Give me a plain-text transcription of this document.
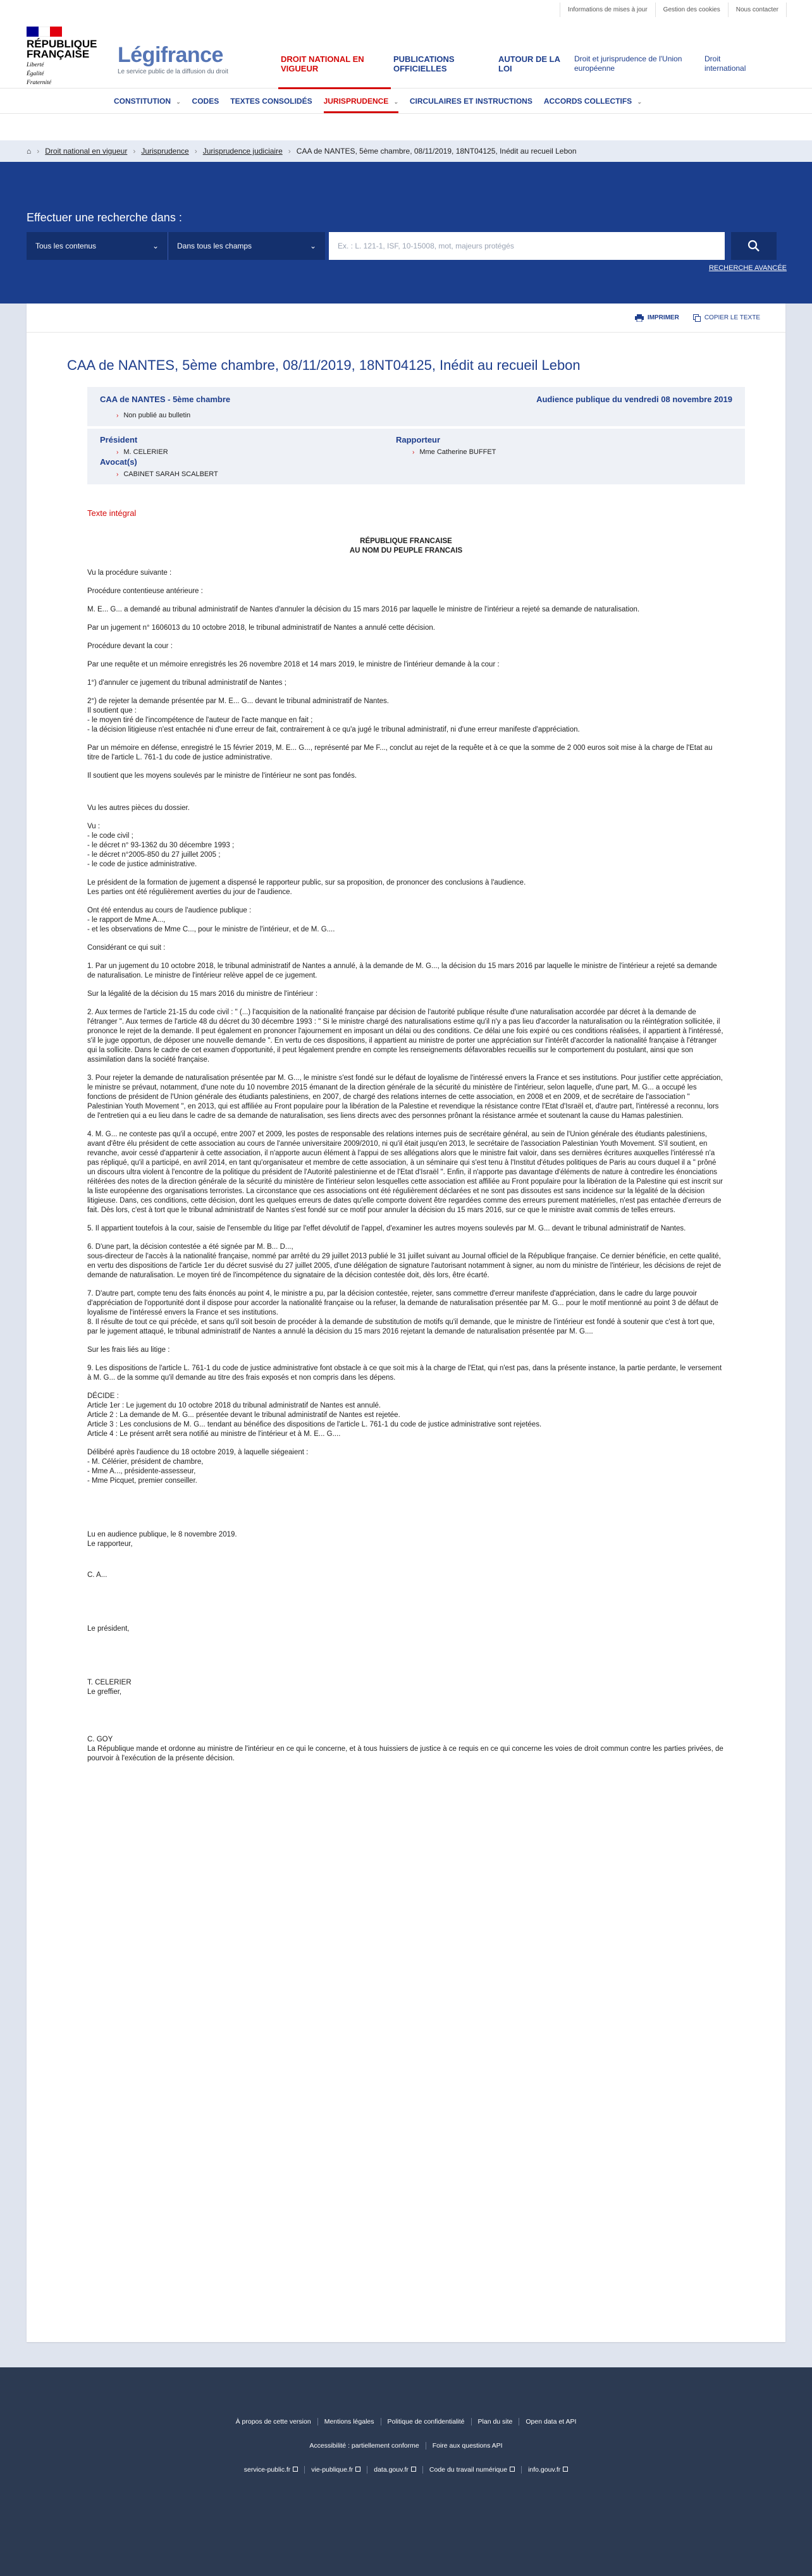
Informations de mises à jour	Gestion des cookies	Nous contacter
RÉPUBLIQUE
FRANÇAISE
Liberté
Égalité
Fraternité
Légifrance
Le service public de la diffusion du droit
DROIT NATIONAL EN VIGUEUR
PUBLICATIONS OFFICIELLES
AUTOUR DE LA LOI
Droit et jurisprudence de l'Union européenne
Droit international
CONSTITUTION ⌄ CODES TEXTES CONSOLIDÉS JURISPRUDENCE ⌄ CIRCULAIRES ET INSTRUCTIONS ACCORDS COLLECTIFS ⌄
⌂ › Droit national en vigueur › Jurisprudence › Jurisprudence judiciaire › CAA de NANTES, 5ème chambre, 08/11/2019, 18NT04125, Inédit au recueil Lebon
Effectuer une recherche dans :
Tous les contenus	⌄ Dans tous les champs	⌄	Ex. : L. 121-1, ISF, 10-15008, mot, majeurs protégés
RECHERCHE AVANCÉE
IMPRIMER	COPIER LE TEXTE
CAA de NANTES, 5ème chambre, 08/11/2019, 18NT04125, Inédit au recueil Lebon
CAA de NANTES - 5ème chambre	Audience publique du vendredi 08 novembre 2019
› Non publié au bulletin
Président
› M. CELERIER
Avocat(s)
› CABINET SARAH SCALBERT
Rapporteur
› Mme Catherine BUFFET
Texte intégral
RÉPUBLIQUE FRANCAISE
AU NOM DU PEUPLE FRANCAIS

Vu la procédure suivante :

Procédure contentieuse antérieure :

M. E... G... a demandé au tribunal administratif de Nantes d'annuler la décision du 15 mars 2016 par laquelle le ministre de l'intérieur a rejeté sa demande de naturalisation.

Par un jugement n° 1606013 du 10 octobre 2018, le tribunal administratif de Nantes a annulé cette décision.

Procédure devant la cour :

Par une requête et un mémoire enregistrés les 26 novembre 2018 et 14 mars 2019, le ministre de l'intérieur demande à la cour :

1°) d'annuler ce jugement du tribunal administratif de Nantes ;

2°) de rejeter la demande présentée par M. E... G... devant le tribunal administratif de Nantes.
Il soutient que :
- le moyen tiré de l'incompétence de l'auteur de l'acte manque en fait ;
- la décision litigieuse n'est entachée ni d'une erreur de fait, contrairement à ce qu'a jugé le tribunal administratif, ni d'une erreur manifeste d'appréciation.

Par un mémoire en défense, enregistré le 15 février 2019, M. E... G..., représenté par Me F..., conclut au rejet de la requête et à ce que la somme de 2 000 euros soit mise à la charge de l'Etat au titre de l'article L. 761-1 du code de justice administrative.

Il soutient que les moyens soulevés par le ministre de l'intérieur ne sont pas fondés.

Vu les autres pièces du dossier.

Vu :
- le code civil ;
- le décret n° 93-1362 du 30 décembre 1993 ;
- le décret n°2005-850 du 27 juillet 2005 ;
- le code de justice administrative.

Le président de la formation de jugement a dispensé le rapporteur public, sur sa proposition, de prononcer des conclusions à l'audience.
Les parties ont été régulièrement averties du jour de l'audience.

Ont été entendus au cours de l'audience publique :
- le rapport de Mme A...,
- et les observations de Mme C..., pour le ministre de l'intérieur, et de M. G....

Considérant ce qui suit :

1. Par un jugement du 10 octobre 2018, le tribunal administratif de Nantes a annulé, à la demande de M. G..., la décision du 15 mars 2016 par laquelle le ministre de l'intérieur a rejeté sa demande de naturalisation. Le ministre de l'intérieur relève appel de ce jugement.

Sur la légalité de la décision du 15 mars 2016 du ministre de l'intérieur :

2. Aux termes de l'article 21-15 du code civil : " (...) l'acquisition de la nationalité française par décision de l'autorité publique résulte d'une naturalisation accordée par décret à la demande de l'étranger ". Aux termes de l'article 48 du décret du 30 décembre 1993 : " Si le ministre chargé des naturalisations estime qu'il n'y a pas lieu d'accorder la naturalisation ou la réintégration sollicitée, il prononce le rejet de la demande. Il peut également en prononcer l'ajournement en imposant un délai ou des conditions. Ce délai une fois expiré ou ces conditions réalisées, il appartient à l'intéressé, s'il le juge opportun, de déposer une nouvelle demande ". En vertu de ces dispositions, il appartient au ministre de porter une appréciation sur l'intérêt d'accorder la nationalité française à l'étranger qui la sollicite. Dans le cadre de cet examen d'opportunité, il peut légalement prendre en compte les renseignements défavorables recueillis sur le comportement du postulant, ainsi que son assimilation dans la société française.

3. Pour rejeter la demande de naturalisation présentée par M. G..., le ministre s'est fondé sur le défaut de loyalisme de l'intéressé envers la France et ses institutions. Pour justifier cette appréciation, le ministre se prévaut, notamment, d'une note du 10 novembre 2015 émanant de la direction générale de la sécurité du ministère de l'intérieur, selon laquelle, d'une part, M. G... a occupé les fonctions de président de l'Union générale des étudiants palestiniens, en 2007, de chargé des relations internes de cette association, en 2008 et en 2009, et de secrétaire de l'association " Palestinian Youth Movement ", en 2013, qui est affiliée au Front populaire pour la libération de la Palestine et revendique la résistance contre l'Etat d'Israël et, d'autre part, l'intéressé a reconnu, lors de l'entretien qui a eu lieu dans le cadre de sa demande de naturalisation, ses liens directs avec des personnes prônant la résistance armée et soutenant la cause du Hamas palestinien.

4. M. G... ne conteste pas qu'il a occupé, entre 2007 et 2009, les postes de responsable des relations internes puis de secrétaire général, au sein de l'Union générale des étudiants palestiniens, avant d'être élu président de cette association au cours de l'année universitaire 2009/2010, ni qu'il était jusqu'en 2013, le secrétaire de l'association Palestinian Youth Movement. S'il soutient, en revanche, avoir cessé d'appartenir à cette association, il n'apporte aucun élément à l'appui de ses allégations alors que le ministre fait valoir, dans ses dernières écritures auxquelles l'intéressé n'a pas répliqué, qu'il a participé, en avril 2014, en tant qu'organisateur et membre de cette association, à un séminaire qui s'est tenu à l'Institut d'études politiques de Paris au cours duquel il a " prôné un discours ultra violent à l'encontre de la politique du président de l'Autorité palestinienne et de l'Etat d'Israël ". Enfin, il n'apporte pas davantage d'éléments de nature à contredire les énonciations réitérées des notes de la direction générale de la sécurité du ministère de l'intérieur selon lesquelles cette association est affiliée au Front populaire pour la libération de la Palestine qui est inscrit sur la liste européenne des organisations terroristes. La circonstance que ces associations ont été régulièrement déclarées et ne sont pas dissoutes est sans incidence sur la légalité de la décision litigieuse. Dans, ces conditions, cette décision, dont les quelques erreurs de dates qu'elle comporte doivent être regardées comme des erreurs purement matérielles, n'est pas entachée d'erreurs de fait. Dès lors, c'est à tort que le tribunal administratif de Nantes s'est fondé sur ce motif pour annuler la décision du 15 mars 2016, sur ce que le ministre avait commis de telles erreurs.

5. Il appartient toutefois à la cour, saisie de l'ensemble du litige par l'effet dévolutif de l'appel, d'examiner les autres moyens soulevés par M. G... devant le tribunal administratif de Nantes.

6. D'une part, la décision contestée a été signée par M. B... D...,
sous-directeur de l'accès à la nationalité française, nommé par arrêté du 29 juillet 2013 publié le 31 juillet suivant au Journal officiel de la République française. Ce dernier bénéficie, en cette qualité, en vertu des dispositions de l'article 1er du décret susvisé du 27 juillet 2005, d'une délégation de signature l'autorisant notamment à signer, au nom du ministre de l'intérieur, les décisions de rejet de demande de naturalisation. Le moyen tiré de l'incompétence du signataire de la décision contestée doit, dès lors, être écarté.

7. D'autre part, compte tenu des faits énoncés au point 4, le ministre a pu, par la décision contestée, rejeter, sans commettre d'erreur manifeste d'appréciation, dans le cadre du large pouvoir d'appréciation de l'opportunité dont il dispose pour accorder la nationalité française ou la refuser, la demande de naturalisation présentée par M. G... pour le motif mentionné au point 3 de défaut de loyalisme de l'intéressé envers la France et ses institutions.
8. Il résulte de tout ce qui précède, et sans qu'il soit besoin de procéder à la demande de substitution de motifs qu'il demande, que le ministre de l'intérieur est fondé à soutenir que c'est à tort que, par le jugement attaqué, le tribunal administratif de Nantes a annulé la décision du 15 mars 2016 rejetant la demande de naturalisation présentée par M. G....

Sur les frais liés au litige :

9. Les dispositions de l'article L. 761-1 du code de justice administrative font obstacle à ce que soit mis à la charge de l'Etat, qui n'est pas, dans la présente instance, la partie perdante, le versement à M. G... de la somme qu'il demande au titre des frais exposés et non compris dans les dépens.

DÉCIDE :
Article 1er : Le jugement du 10 octobre 2018 du tribunal administratif de Nantes est annulé.
Article 2 : La demande de M. G... présentée devant le tribunal administratif de Nantes est rejetée.
Article 3 : Les conclusions de M. G... tendant au bénéfice des dispositions de l'article L. 761-1 du code de justice administrative sont rejetées.
Article 4 : Le présent arrêt sera notifié au ministre de l'intérieur et à M. E... G....

Délibéré après l'audience du 18 octobre 2019, à laquelle siégeaient :
- M. Célérier, président de chambre,
- Mme A..., présidente-assesseur,
- Mme Picquet, premier conseiller.

Lu en audience publique, le 8 novembre 2019.
Le rapporteur,

C. A...

Le président,

T. CELERIER
Le greffier,

C. GOY
La République mande et ordonne au ministre de l'intérieur en ce qui le concerne, et à tous huissiers de justice à ce requis en ce qui concerne les voies de droit commun contre les parties privées, de pourvoir à l'exécution de la présente décision.

À propos de cette version	Mentions légales	Politique de confidentialité	Plan du site	Open data et API
Accessibilité : partiellement conforme	Foire aux questions API
service-public.fr	vie-publique.fr	data.gouv.fr	Code du travail numérique	info.gouv.fr
